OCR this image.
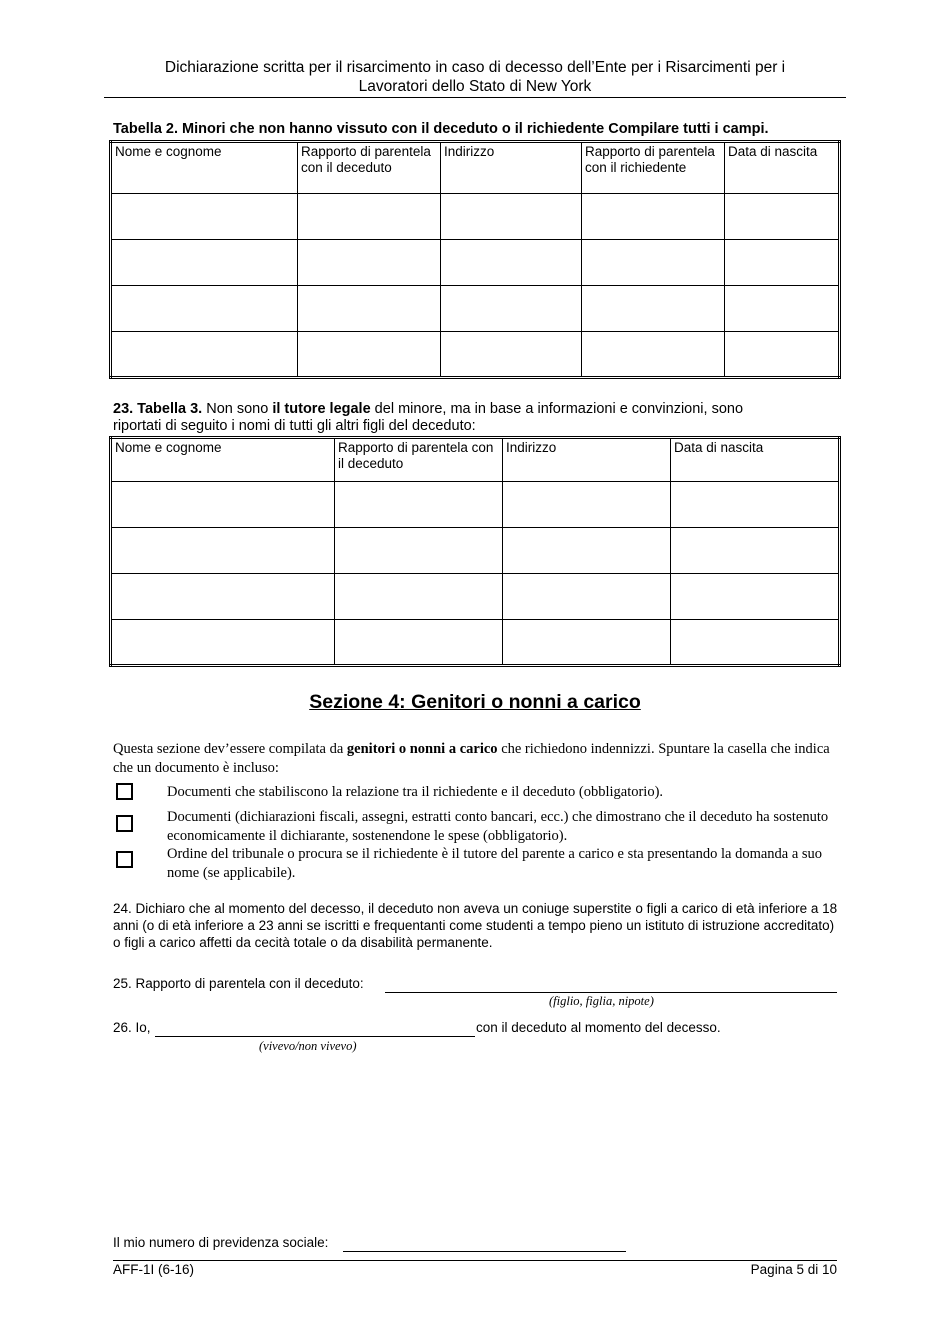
Dichiarazione scritta per il risarcimento in caso di decesso dell’Ente per i Risarcimenti per i
Lavoratori dello Stato di New York
Tabella 2. Minori che non hanno vissuto con il deceduto o il richiedente Compilare tutti i campi.
Nome e cognome	Rapporto di parentela con il deceduto	Indirizzo	Rapporto di parentela con il richiedente	Data di nascita

23. Tabella 3. Non sono il tutore legale del minore, ma in base a informazioni e convinzioni, sono
riportati di seguito i nomi di tutti gli altri figli del deceduto:
Nome e cognome	Rapporto di parentela con il deceduto	Indirizzo	Data di nascita

Sezione 4: Genitori o nonni a carico
Questa sezione dev’essere compilata da genitori o nonni a carico che richiedono indennizzi. Spuntare la casella che indica che un documento è incluso:
Documenti che stabiliscono la relazione tra il richiedente e il deceduto (obbligatorio).
Documenti (dichiarazioni fiscali, assegni, estratti conto bancari, ecc.) che dimostrano che il deceduto ha sostenuto economicamente il dichiarante, sostenendone le spese (obbligatorio).
Ordine del tribunale o procura se il richiedente è il tutore del parente a carico e sta presentando la domanda a suo nome (se applicabile).
24. Dichiaro che al momento del decesso, il deceduto non aveva un coniuge superstite o figli a carico di età inferiore a 18 anni (o di età inferiore a 23 anni se iscritti e frequentanti come studenti a tempo pieno un istituto di istruzione accreditato) o figli a carico affetti da cecità totale o da disabilità permanente.
25. Rapporto di parentela con il deceduto:
(figlio, figlia, nipote)
26. Io,	con il deceduto al momento del decesso.
(vivevo/non vivevo)
Il mio numero di previdenza sociale:
AFF-1I (6-16)	Pagina 5 di 10
